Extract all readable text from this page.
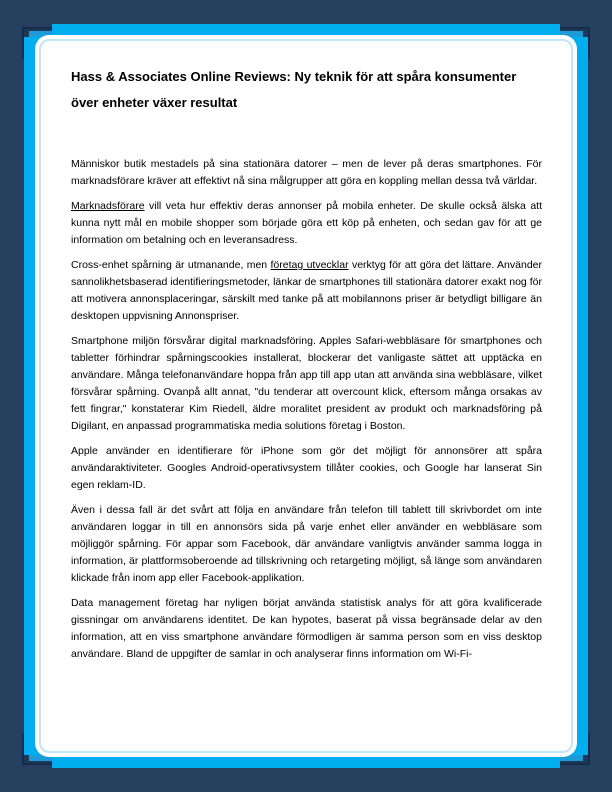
Hass & Associates Online Reviews: Ny teknik för att spåra konsumenter över enheter växer resultat

Människor butik mestadels på sina stationära datorer – men de lever på deras smartphones. För marknadsförare kräver att effektivt nå sina målgrupper att göra en koppling mellan dessa två världar.

Marknadsförare vill veta hur effektiv deras annonser på mobila enheter. De skulle också älska att kunna nytt mål en mobile shopper som började göra ett köp på enheten, och sedan gav för att ge information om betalning och en leveransadress.

Cross-enhet spårning är utmanande, men företag utvecklar verktyg för att göra det lättare. Använder sannolikhetsbaserad identifieringsmetoder, länkar de smartphones till stationära datorer exakt nog för att motivera annonsplaceringar, särskilt med tanke på att mobilannons priser är betydligt billigare än desktopen uppvisning Annonspriser.

Smartphone miljön försvårar digital marknadsföring. Apples Safari-webbläsare för smartphones och tabletter förhindrar spårningscookies installerat, blockerar det vanligaste sättet att upptäcka en användare. Många telefonanvändare hoppa från app till app utan att använda sina webbläsare, vilket försvårar spårning. Ovanpå allt annat, "du tenderar att overcount klick, eftersom många orsakas av fett fingrar," konstaterar Kim Riedell, äldre moralitet president av produkt och marknadsföring på Digilant, en anpassad programmatiska media solutions företag i Boston.

Apple använder en identifierare för iPhone som gör det möjligt för annonsörer att spåra användaraktiviteter. Googles Android-operativsystem tillåter cookies, och Google har lanserat Sin egen reklam-ID.

Även i dessa fall är det svårt att följa en användare från telefon till tablett till skrivbordet om inte användaren loggar in till en annonsörs sida på varje enhet eller använder en webbläsare som möjliggör spårning. För appar som Facebook, där användare vanligtvis använder samma logga in information, är plattformsoberoende ad tillskrivning och retargeting möjligt, så länge som användaren klickade från inom app eller Facebook-applikation.

Data management företag har nyligen börjat använda statistisk analys för att göra kvalificerade gissningar om användarens identitet. De kan hypotes, baserat på vissa begränsade delar av den information, att en viss smartphone användare förmodligen är samma person som en viss desktop användare. Bland de uppgifter de samlar in och analyserar finns information om Wi-Fi-
